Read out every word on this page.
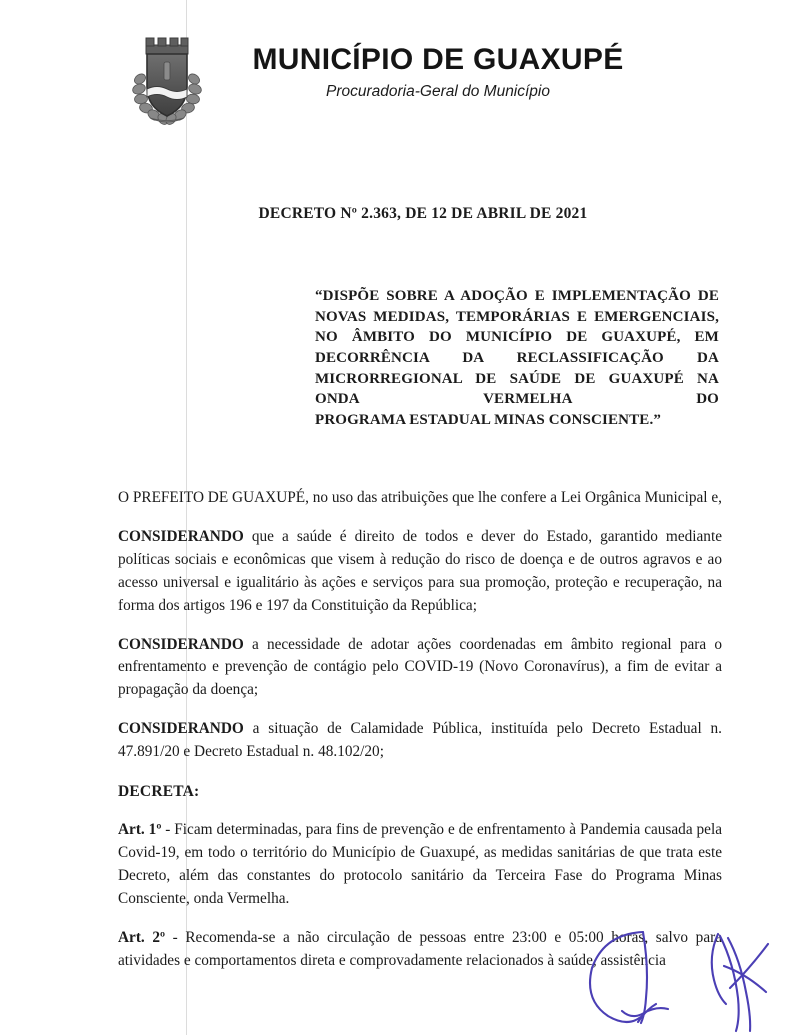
MUNICÍPIO DE GUAXUPÉ
Procuradoria-Geral do Município

DECRETO Nº 2.363, DE 12 DE ABRIL DE 2021

“DISPÕE SOBRE A ADOÇÃO E IMPLEMENTAÇÃO DE NOVAS MEDIDAS, TEMPORÁRIAS E EMERGENCIAIS, NO ÂMBITO DO MUNICÍPIO DE GUAXUPÉ, EM DECORRÊNCIA DA RECLASSIFICAÇÃO DA MICRORREGIONAL DE SAÚDE DE GUAXUPÉ NA ONDA VERMELHA DO
PROGRAMA ESTADUAL MINAS CONSCIENTE.”

O PREFEITO DE GUAXUPÉ, no uso das atribuições que lhe confere a Lei Orgânica Municipal e,

CONSIDERANDO que a saúde é direito de todos e dever do Estado, garantido mediante políticas sociais e econômicas que visem à redução do risco de doença e de outros agravos e ao acesso universal e igualitário às ações e serviços para sua promoção, proteção e recuperação, na forma dos artigos 196 e 197 da Constituição da República;

CONSIDERANDO a necessidade de adotar ações coordenadas em âmbito regional para o enfrentamento e prevenção de contágio pelo COVID-19 (Novo Coronavírus), a fim de evitar a propagação da doença;

CONSIDERANDO a situação de Calamidade Pública, instituída pelo Decreto Estadual n. 47.891/20 e Decreto Estadual n. 48.102/20;

DECRETA:

Art. 1º - Ficam determinadas, para fins de prevenção e de enfrentamento à Pandemia causada pela Covid-19, em todo o território do Município de Guaxupé, as medidas sanitárias de que trata este Decreto, além das constantes do protocolo sanitário da Terceira Fase do Programa Minas Consciente, onda Vermelha.

Art. 2º - Recomenda-se a não circulação de pessoas entre 23:00 e 05:00 horas, salvo para atividades e comportamentos direta e comprovadamente relacionados à saúde, assistência
